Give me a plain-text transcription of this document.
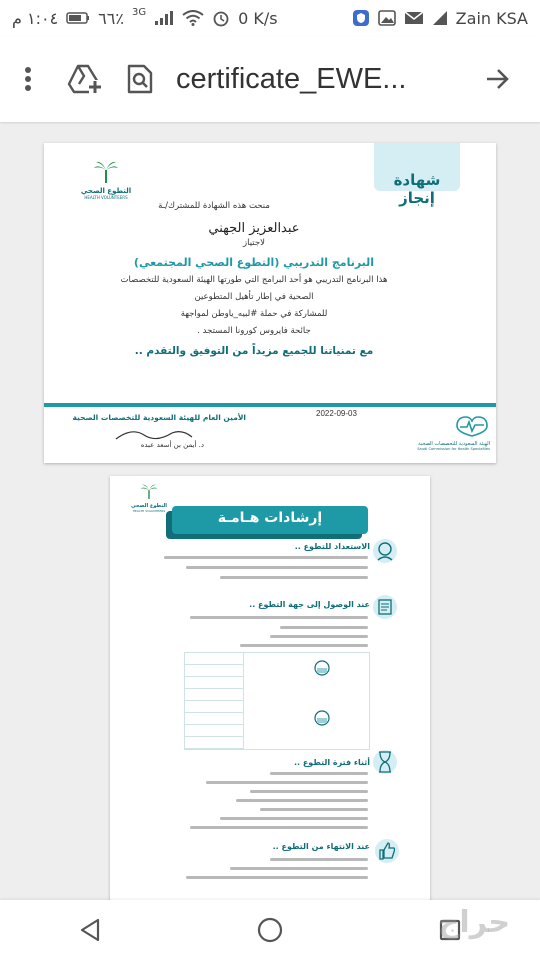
١:٠٤ م	٦٦٪ 3G	0 K/s	Zain KSA
certificate_EWE...
شهادة إنجاز
التطوع الصحي
HEALTH VOLUNTEERS
منحت هذه الشهادة للمشترك/ـة
عبدالعزيز الجهني
لاجتياز
البرنامج التدريبي (التطوع الصحي المجتمعي)
هذا البرنامج التدريبي هو أحد البرامج التي طورتها الهيئة السعودية للتخصصات
الصحية في إطار تأهيل المتطوعين
للمشاركة في حملة #لبيه_ياوطن لمواجهة
جائحة فايروس كورونا المستجد .
مع تمنياتنا للجميع مزيداً من التوفيق والتقدم ..
2022-09-03
الأمين العام للهيئة السعودية للتخصصات الصحية
د. أيمن بن أسعد عبده	الهيئة السعودية للتخصصات الصحية
Saudi Commission for Health Specialties
التطوع الصحي
HEALTH VOLUNTEERS	إرشادات هـامـة
الاستعداد للتطوع ..
عند الوصول إلى جهة التطوع ..
أثناء فترة التطوع ..
عند الانتهاء من التطوع ..
حراج
